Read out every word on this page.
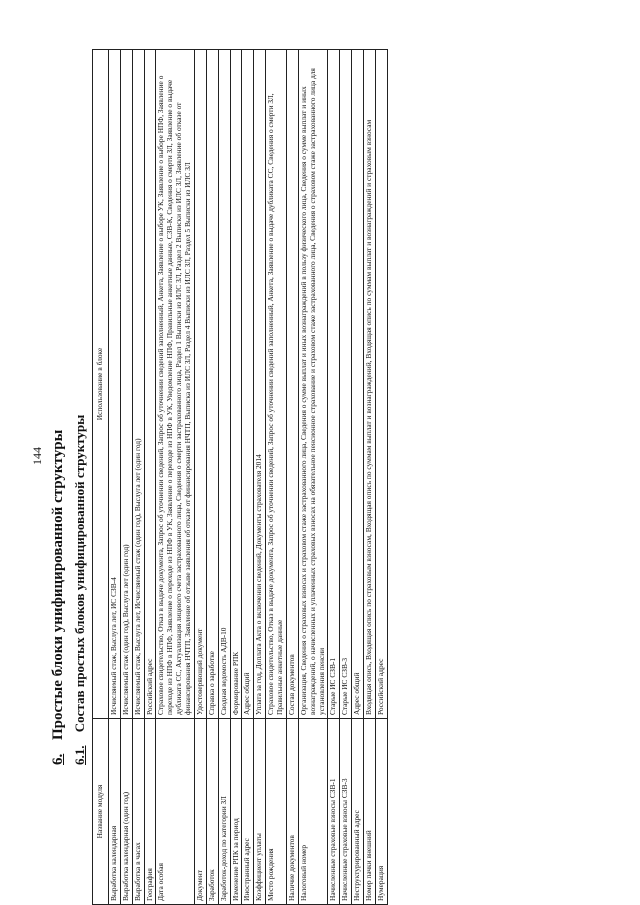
144
6. Простые блоки унифицированной структуры
6.1. Состав простых блоков унифицированной структуры
Название модуля	Использование в блоке
Выработка календарная	Исчисляемый стаж, Выслуга лет, ИС СЗВ-4
Выработка календарная (один год)	Исчисляемый стаж (один год), Выслуга лет (один год)
Выработка в часах	Исчисляемый стаж, Выслуга лет, Исчисляемый стаж (один год), Выслуга лет (один год)
География	Российский адрес
Дата особая	Страховое свидетельство, Отказ в выдаче документа, Запрос об уточнении сведений, Запрос об уточнении сведений заполненный, Анкета, Заявление о выборе УК, Заявление о выборе НПФ, Заявление о переходе из НПФ в НПФ, Заявление о переходе из НПФ в УК, Заявление о переходе из НПФ в УК, Уведомление НПФ, Правильные анкетные данные, СЗВ-К, Сведения о смерти ЗЛ, Заявление о выдаче дубликата СС, Актуализация лицевого счета застрахованного лица, Сведения о смерти застрахованного лица, Раздел 1 Выписки из ИЛС ЗЛ, Раздел 2 Выписки из ИЛС ЗЛ, Заявление об отказе от финансирования НЧТП, Заявление об отзыве заявления об отказе от финансирования НЧТП, Выписка из ИЛС ЗЛ, Раздел 4 Выписки из ИЛС ЗЛ, Раздел 5 Выписки из ИЛС ЗЛ
Документ	Удостоверяющий документ
Заработок	Справка о заработке
Заработок-доход по категории ЗЛ	Сводная ведомость АДВ-10
Изменение РПК за период	Формирование РПК
Иностранный адрес	Адрес общий
Коэффициент уплаты	Уплата за год, Доплата Акта о включении сведений, Документы страхователя 2014
Место рождения	Страховое свидетельство, Отказ в выдаче документа, Запрос об уточнении сведений, Запрос об уточнении сведений заполненный, Анкета, Заявление о выдаче дубликата СС, Сведения о смерти ЗЛ, Правильные анкетные данные
Наличие документов	Состав документов
Налоговый номер	Организация, Сведения о страховых взносах и страховом стаже застрахованного лица, Сведения о сумме выплат и иных вознаграждений в пользу физического лица, Сведения о сумме выплат и иных вознаграждений, о начисленных и уплаченных страховых взносах на обязательное пенсионное страхование и страховом стаже застрахованного лица, Сведения о страховом стаже застрахованного лица для установления пенсии
Начисленные страховые взносы СЗВ-1	Старые ИС СЗВ-1
Начисленные страховые взносы СЗВ-3	Старые ИС СЗВ-3
Неструктурированный адрес	Адрес общий
Номер пачки внешний	Входящая опись, Входящая опись по страховым взносам, Входящая опись по суммам выплат и вознаграждений, Входящая опись по суммам выплат и вознаграждений и страховым взносам
Нумерация	Российский адрес
